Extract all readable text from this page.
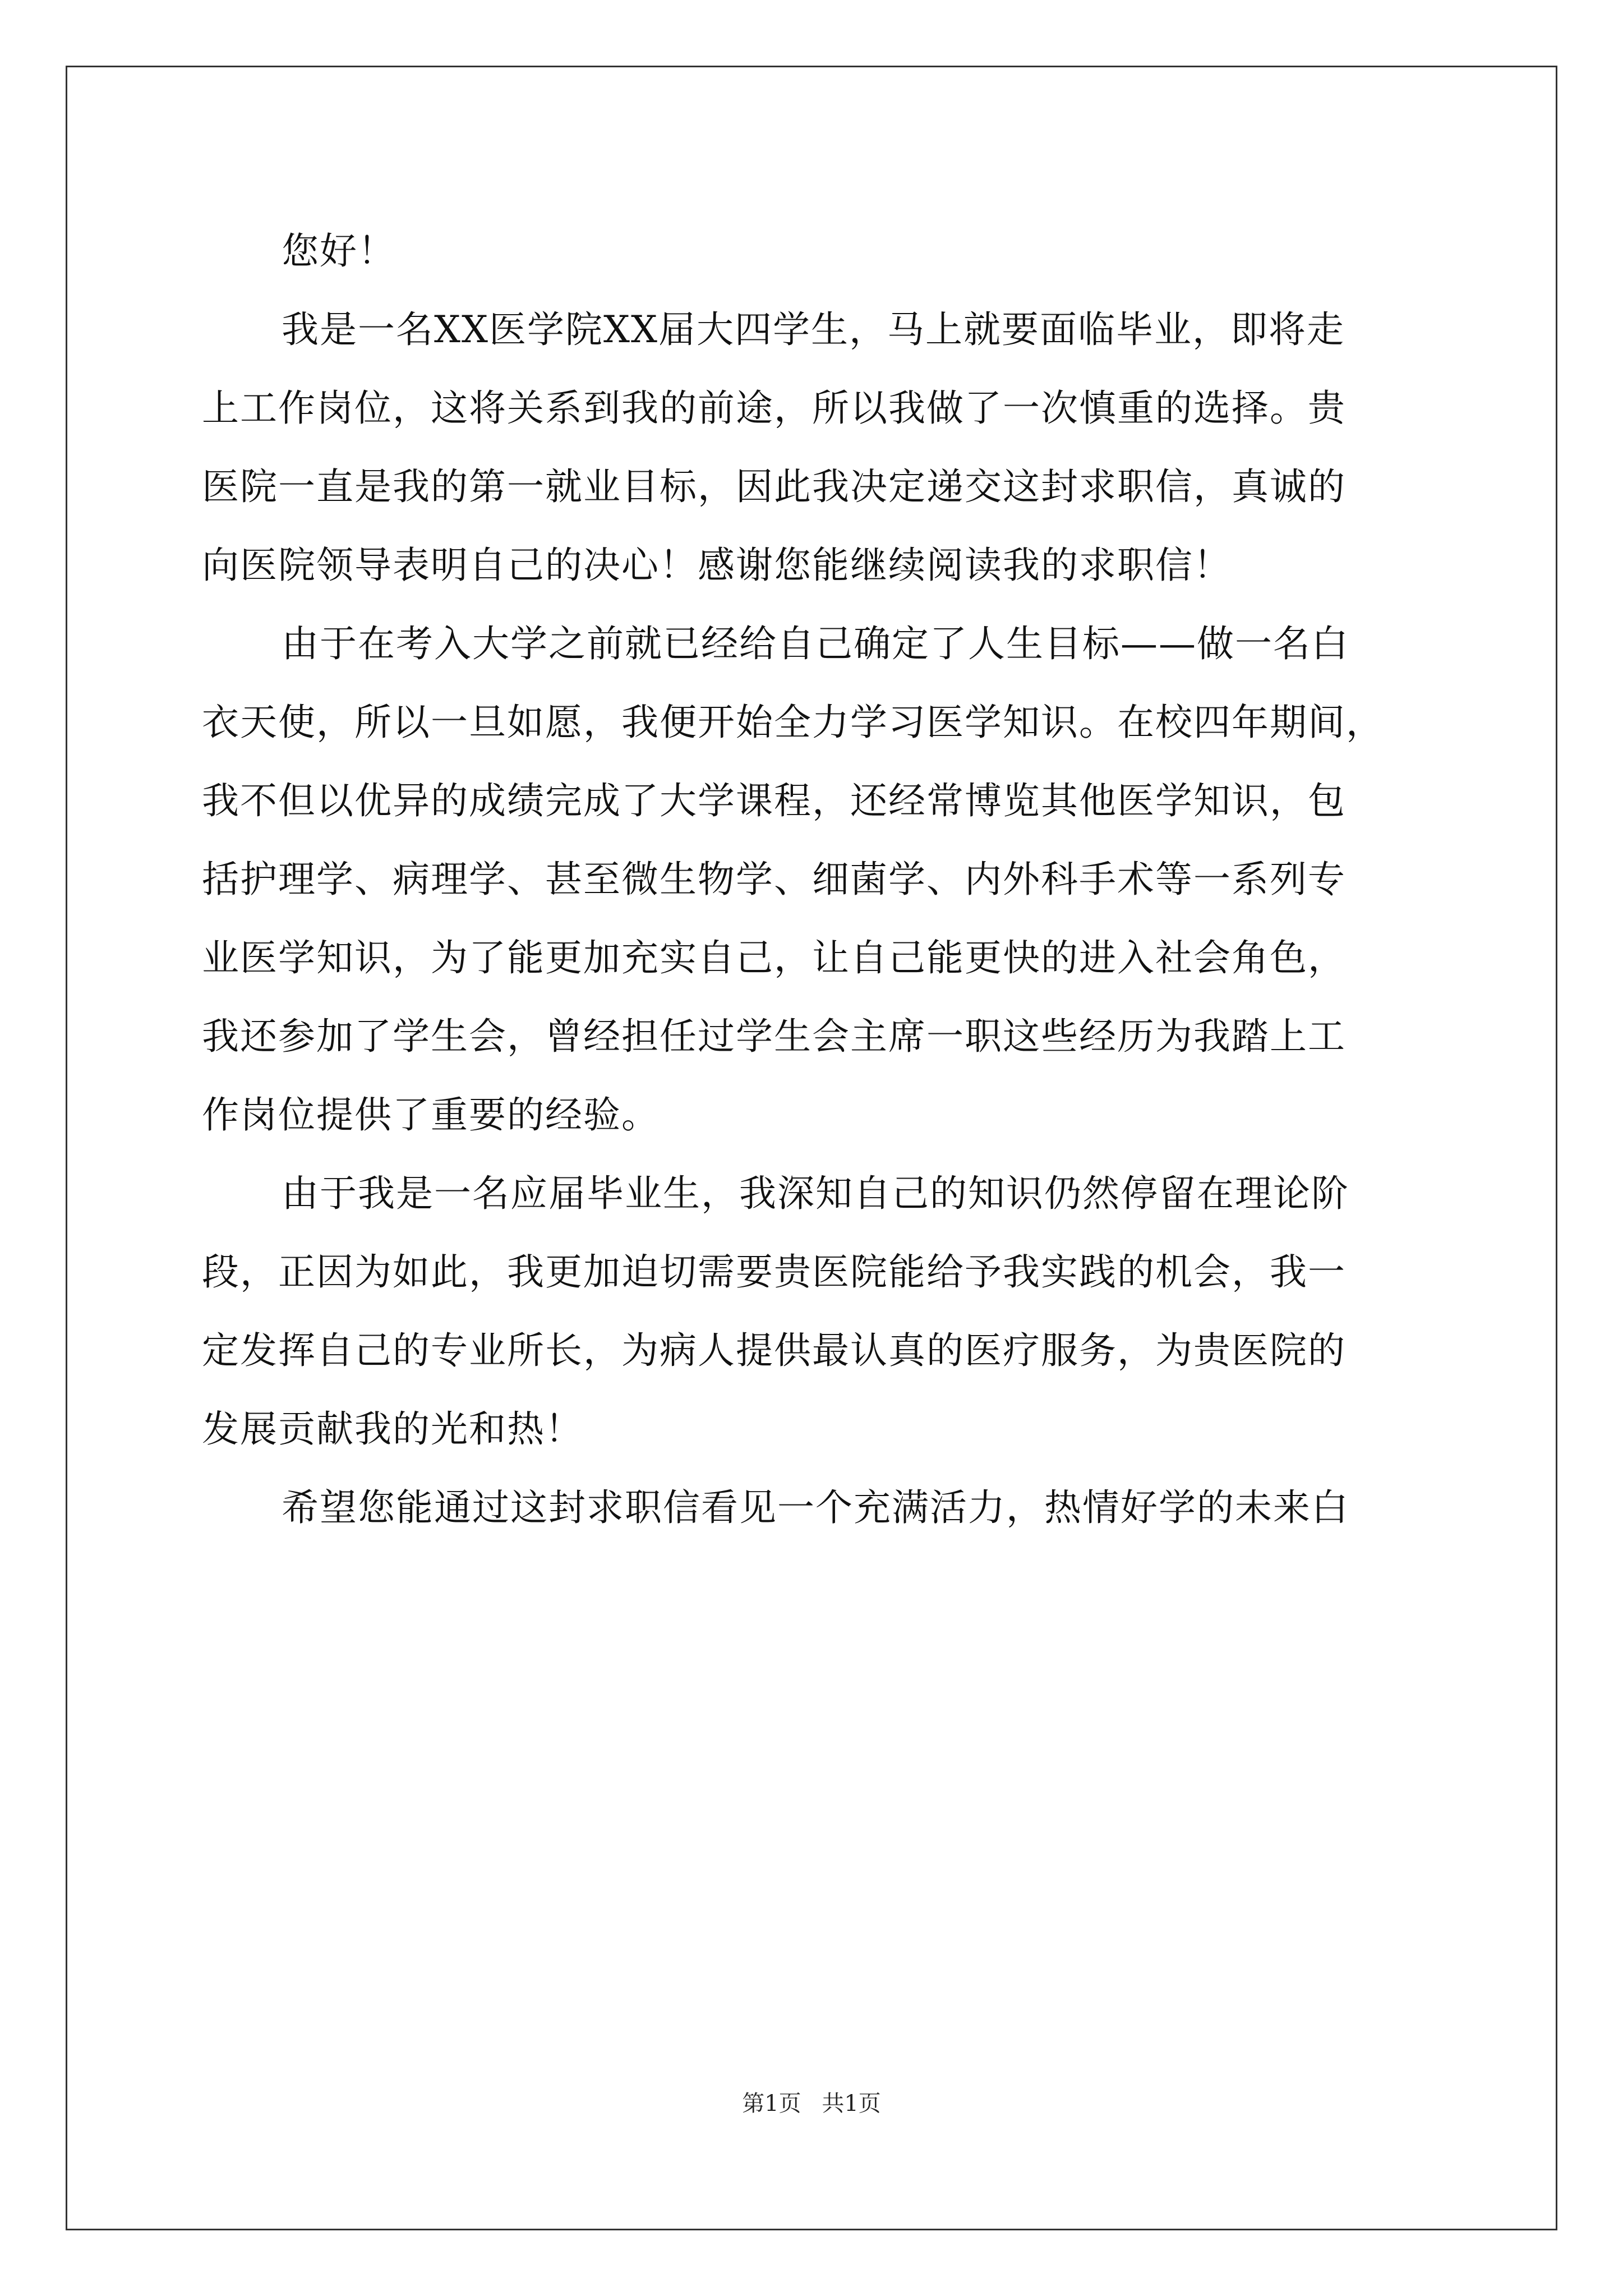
您好！
我是一名XX医学院XX届大四学生，马上就要面临毕业，即将走
上工作岗位，这将关系到我的前途，所以我做了一次慎重的选择。贵
医院一直是我的第一就业目标，因此我决定递交这封求职信，真诚的
向医院领导表明自己的决心！感谢您能继续阅读我的求职信！
由于在考入大学之前就已经给自己确定了人生目标——做一名白
衣天使，所以一旦如愿，我便开始全力学习医学知识。在校四年期间，
我不但以优异的成绩完成了大学课程，还经常博览其他医学知识，包
括护理学、病理学、甚至微生物学、细菌学、内外科手术等一系列专
业医学知识，为了能更加充实自己，让自己能更快的进入社会角色，
我还参加了学生会，曾经担任过学生会主席一职这些经历为我踏上工
作岗位提供了重要的经验。
由于我是一名应届毕业生，我深知自己的知识仍然停留在理论阶
段，正因为如此，我更加迫切需要贵医院能给予我实践的机会，我一
定发挥自己的专业所长，为病人提供最认真的医疗服务，为贵医院的
发展贡献我的光和热！
希望您能通过这封求职信看见一个充满活力，热情好学的未来白
第1页 共1页
